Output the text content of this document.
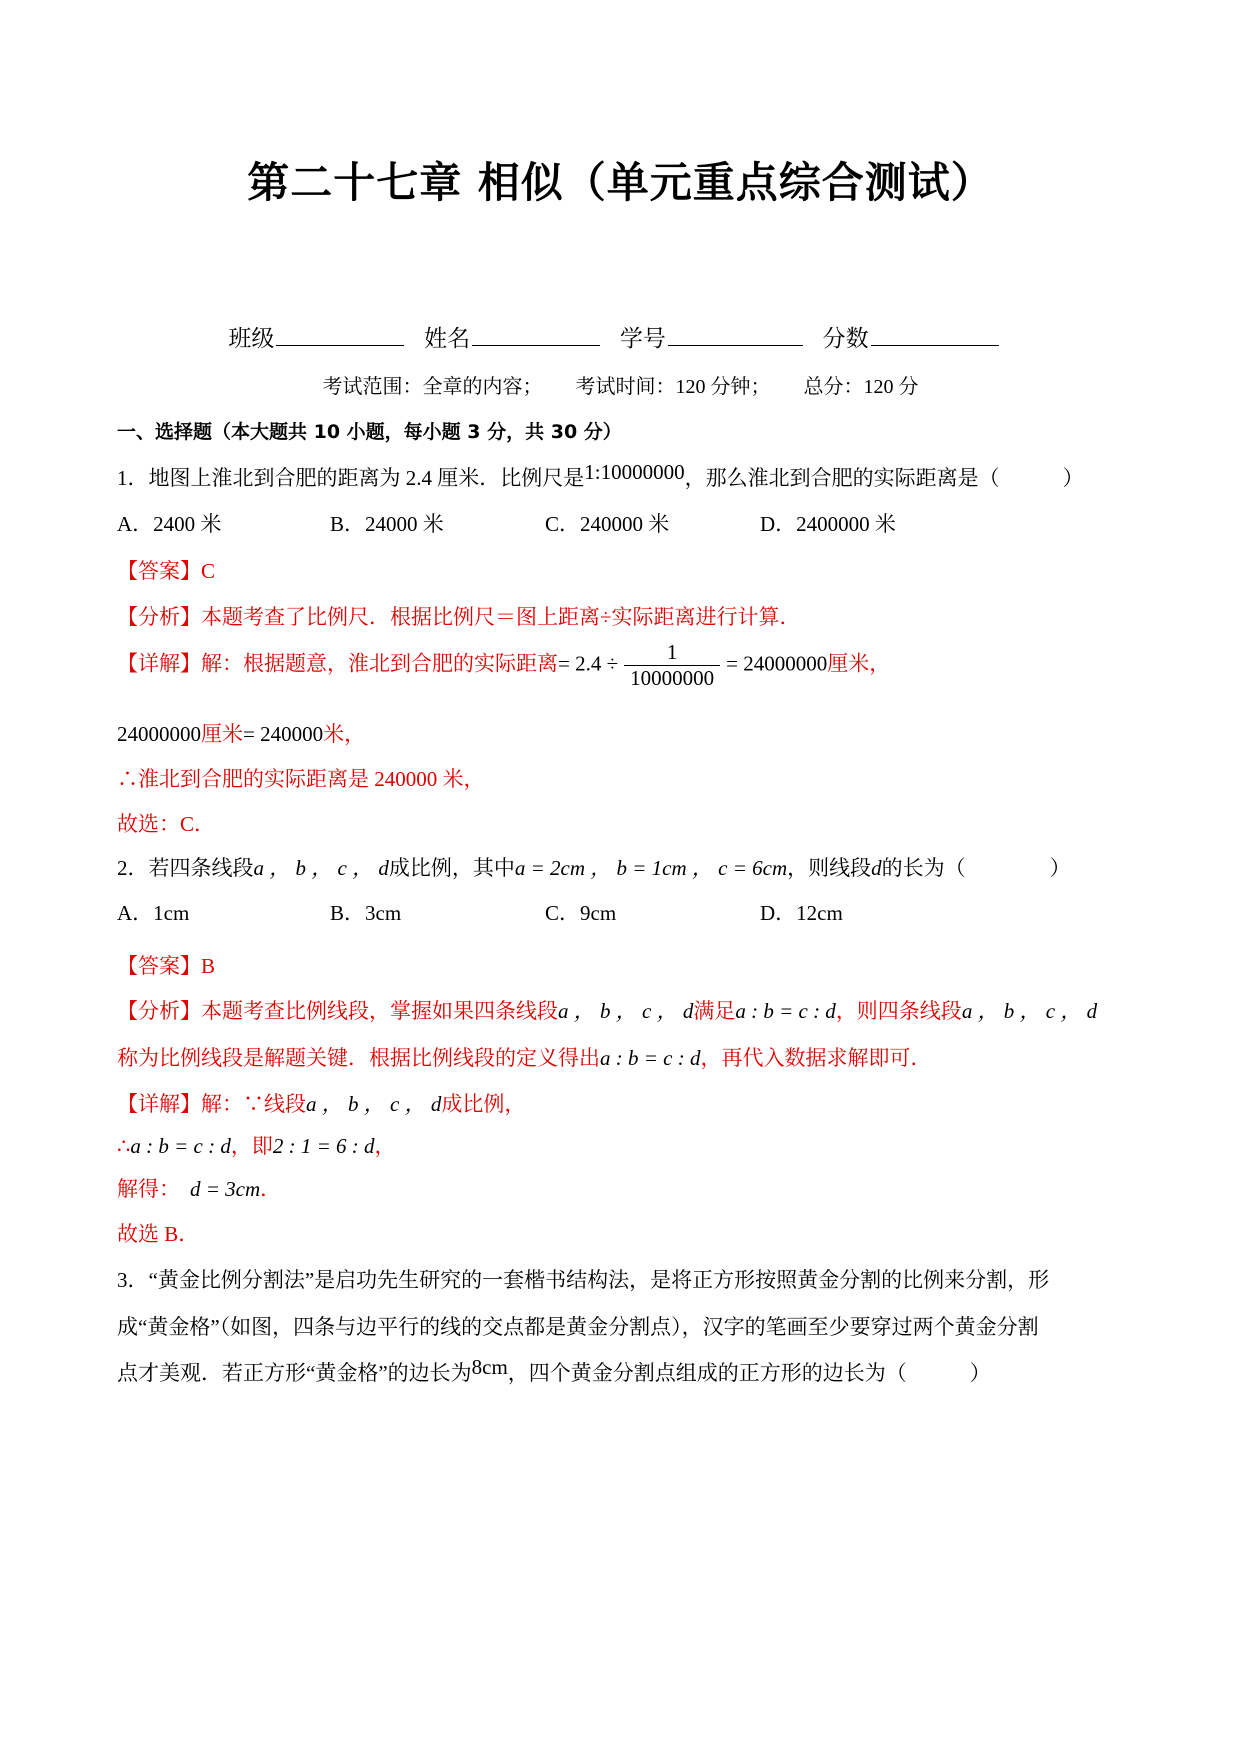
第二十七章 相似（单元重点综合测试）
班级	姓名	学号	分数
考试范围：全章的内容； 考试时间：120 分钟； 总分：120 分
一、选择题（本大题共 10 小题，每小题 3 分，共 30 分）
1．地图上淮北到合肥的距离为 2.4 厘米．比例尺是1:10000000，那么淮北到合肥的实际距离是（　　　）
A．2400 米	B．24000 米	C．240000 米	D．2400000 米
【答案】C
【分析】本题考查了比例尺．根据比例尺＝图上距离÷实际距离进行计算．
【详解】解：根据题意，淮北到合肥的实际距离= $2.4 \div \frac{1}{10000000} = 24000000$厘米，
24000000厘米= 240000米，
∴淮北到合肥的实际距离是 240000 米，
故选：C．
2．若四条线段a ， b ， c ， d成比例，其中a = 2cm ， b = 1cm ， c = 6cm，则线段d的长为（　　　　）
A．1cm	B．3cm	C．9cm	D．12cm
【答案】B
【分析】本题考查比例线段，掌握如果四条线段a ， b ， c ， d满足a : b = c : d，则四条线段a ， b ， c ， d
称为比例线段是解题关键．根据比例线段的定义得出a : b = c : d，再代入数据求解即可．
【详解】解：∵线段a ， b ， c ， d成比例，
∴a : b = c : d，即2 : 1 = 6 : d，
解得： d = 3cm．
故选 B．
3．“黄金比例分割法”是启功先生研究的一套楷书结构法，是将正方形按照黄金分割的比例来分割，形
成“黄金格”（如图，四条与边平行的线的交点都是黄金分割点），汉字的笔画至少要穿过两个黄金分割
点才美观．若正方形“黄金格”的边长为8cm，四个黄金分割点组成的正方形的边长为（　　　）
